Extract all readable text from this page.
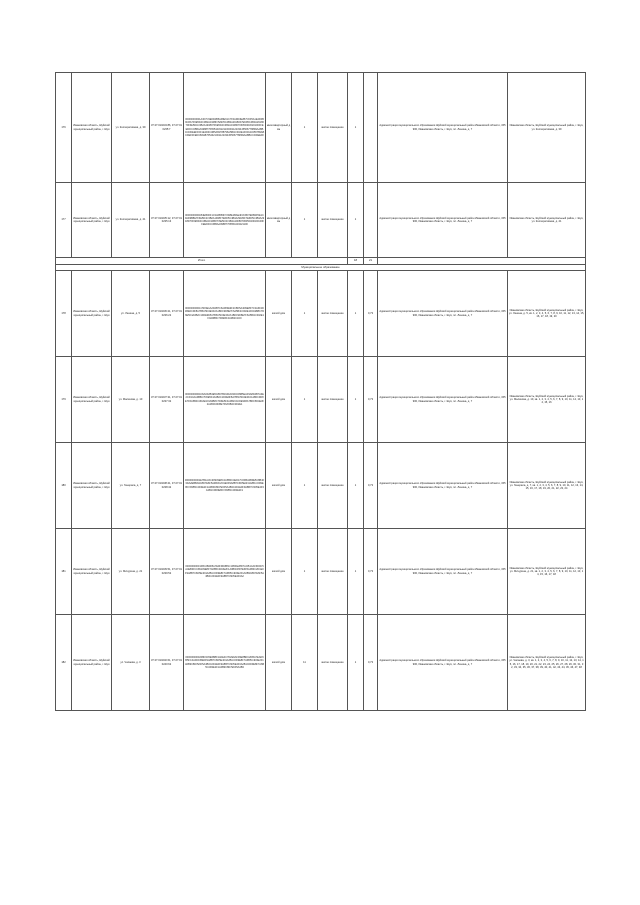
176	Ивановская область, Шуйский муниципальный район, г. Шуя	ул. Кооперативная, д. 39	37:27:010234:86, 37:27:010235:7	00000000001A3F7C9E0D2B5A48E61C7F0A9D3E2B7C6F5A1E4D0B9C8A7F6E5D4C3B2A1908F7E6D5C4B3A29180F7E6D5C4B3A2918070F6E5D4C3B2A190807F6E5D4C3B2A19080706050403020100FFEEDDCCBBAA9988776655443322110000112233445566778899AABBCCDDEEFF0F1E2D3C4B5A69788796A5B4C3D2E1F00123456789ABCDEF0FEDCBA98765432100112233445566778899AABBCCDDEEFF	многоквартирный дом	1	жилое помещение	1		Администрация муниципального образования Шуйский муниципальный район Ивановской области, 155900, Ивановская область, г. Шуя, пл. Ленина, д. 7	Ивановская область, Шуйский муниципальный район, г. Шуя, ул. Кооперативная, д. 39
177	Ивановская область, Шуйский муниципальный район, г. Шуя	ул. Кооперативная, д. 41	37:27:010235:12, 37:27:010235:13	00000000001B4E8D0F1C3A6B59F72D8E1BAE4F3C8D7E6B2F5E1C0AD9B8E7F6E5D4C3B2A1908F7E6D5C4B3A29180F7E6D5C4B3A2918070F6E5D4C3B2A190807F6E5D4C3B2A19080706050403020100FFEEDDCCBBAA99887766554433221100	многоквартирный дом	1	жилое помещение	1		Администрация муниципального образования Шуйский муниципальный район Ивановской области, 155900, Ивановская область, г. Шуя, пл. Ленина, д. 7	Ивановская область, Шуйский муниципальный район, г. Шуя, ул. Кооперативная, д. 41
Итого								18	21		
Муниципальное образование											
178	Ивановская область, Шуйский муниципальный район, г. Шуя	ул. Ленина, д. 5	37:27:010236:21, 37:27:010236:22	00000000001C5F9E1A2D4B7C6A083E9F2CBF5A4D9E8F7C3A6F2D1BE0C9F8A7B6C5D4E3F2A1B0C9D8E7F6A5B4C3D2E1F0A9B8C7D6E5F4A3B2C1D0E9F8A7B6C5D4E3F2A1B0C9D8E7F6A5B4C3D2E1F0A9B8C7D6E5F4A3B2C1D0	жилой дом	1	жилое помещение	1	0,73	Администрация муниципального образования Шуйский муниципальный район Ивановской области, 155900, Ивановская область, г. Шуя, пл. Ленина, д. 7	Ивановская область, Шуйский муниципальный район, г. Шуя, ул. Ленина, д. 5, кв. 1, 2, 3, 4, 5, 6, 7, 8, 9, 10, 11, 12, 13, 14, 15, 16, 17, 18, 19, 20
179	Ивановская область, Шуйский муниципальный район, г. Шуя	ул. Малахова, д. 10	37:27:010237:31, 37:27:010237:32	00000000001D6A0F2B3E5C8D7B194FA03DC06B5EAF9A8D4B7A3E2CF1DAA9B8C7D6E5F4A3B2C1D0E9F8A7B6C5D4E3F2A1B0C9D8E7F6A5B4C3D2E1F0A9B8C7D6E5F4A3B2C1D0E9F8A7B6C5D4E3F2A1B0C9D8E7F6A5B4C3D2E1	жилой дом	1	жилое помещение	1	0,73	Администрация муниципального образования Шуйский муниципальный район Ивановской области, 155900, Ивановская область, г. Шуя, пл. Ленина, д. 7	Ивановская область, Шуйский муниципальный район, г. Шуя, ул. Малахова, д. 10, кв. 1, 2, 3, 4, 5, 6, 7, 8, 9, 10, 11, 12, 13, 14, 15, 16
180	Ивановская область, Шуйский муниципальный район, г. Шуя	ул. Генерала, д. 7	37:27:010238:41, 37:27:010238:42	00000000001E7B1A3C4F6D9E8C2A5B0C4ED17C6FBA0B9E5C8B4F3DA2EBBA9C8D7E6F5A4B3C2D1E0F9A8B7C6D5E4F3A2B1C0D9E8F7A6B5C4D3E2F1A0B9C8D7E6F5A4B3C2D1E0F9A8B7C6D5E4F3A2B1C0D9E8F7A6B5C4D3E2F1	жилой дом	1	жилое помещение	1	0,73	Администрация муниципального образования Шуйский муниципальный район Ивановской области, 155900, Ивановская область, г. Шуя, пл. Ленина, д. 7	Ивановская область, Шуйский муниципальный район, г. Шуя, ул. Генерала, д. 7, кв. 1, 2, 3, 4, 5, 6, 7, 8, 9, 10, 11, 12, 13, 14, 15, 16, 17, 18, 19, 20, 21, 22, 23, 24
181	Ивановская область, Шуйский муниципальный район, г. Шуя	ул. Мичурина, д. 21	37:27:010239:51, 37:27:010239:52	00000000001F8C2B4D5A7E0F9D3B6C1D5FE28D7ACB1CAF6D9C5A4EB3FCCBAD9E8F7A6B5C4D3E2F1A0B9C8D7E6F5A4B3C2D1E0F9A8B7C6D5E4F3A2B1C0D9E8F7A6B5C4D3E2F1A0B9C8D7E6F5A4B3C2D1E0F9A8B7C6D5E4F3A2	жилой дом	1	жилое помещение	1	0,73	Администрация муниципального образования Шуйский муниципальный район Ивановской области, 155900, Ивановская область, г. Шуя, пл. Ленина, д. 7	Ивановская область, Шуйский муниципальный район, г. Шуя, ул. Мичурина, д. 21, кв. 1, 2, 3, 4, 5, 6, 7, 8, 9, 10, 11, 12, 13, 14, 15, 16, 17, 18
182	Ивановская область, Шуйский муниципальный район, г. Шуя	ул. Чапаева, д. 3	37:27:010240:61, 37:27:010240:62	0000000000208D3C5E6B8F1A0E4C7D2E6AF39E8BDC2DBA7EAD6B5FC4ADDCBE0F9A8B7C6D5E4F3A2B1C0D9E8F7A6B5C4D3E2F1A0B9C8D7E6F5A4B3C2D1E0F9A8B7C6D5E4F3A2B1C0D9E8F7A6B5C4D3E2F1A0B9C8D7E6F5A4B3	жилой дом	11	жилое помещение	1	0,73	Администрация муниципального образования Шуйский муниципальный район Ивановской области, 155900, Ивановская область, г. Шуя, пл. Ленина, д. 7	Ивановская область, Шуйский муниципальный район, г. Шуя, ул. Чапаева, д. 3, кв. 1, 2, 3, 4, 5, 6, 7, 8, 9, 10, 11, 12, 13, 14, 15, 16, 17, 18, 19, 20, 21, 22, 23, 24, 25, 26, 27, 28, 29, 30, 31, 32, 33, 34, 35, 36, 37, 38, 39, 40, 41, 42, 43, 44, 45, 46, 47, 48
